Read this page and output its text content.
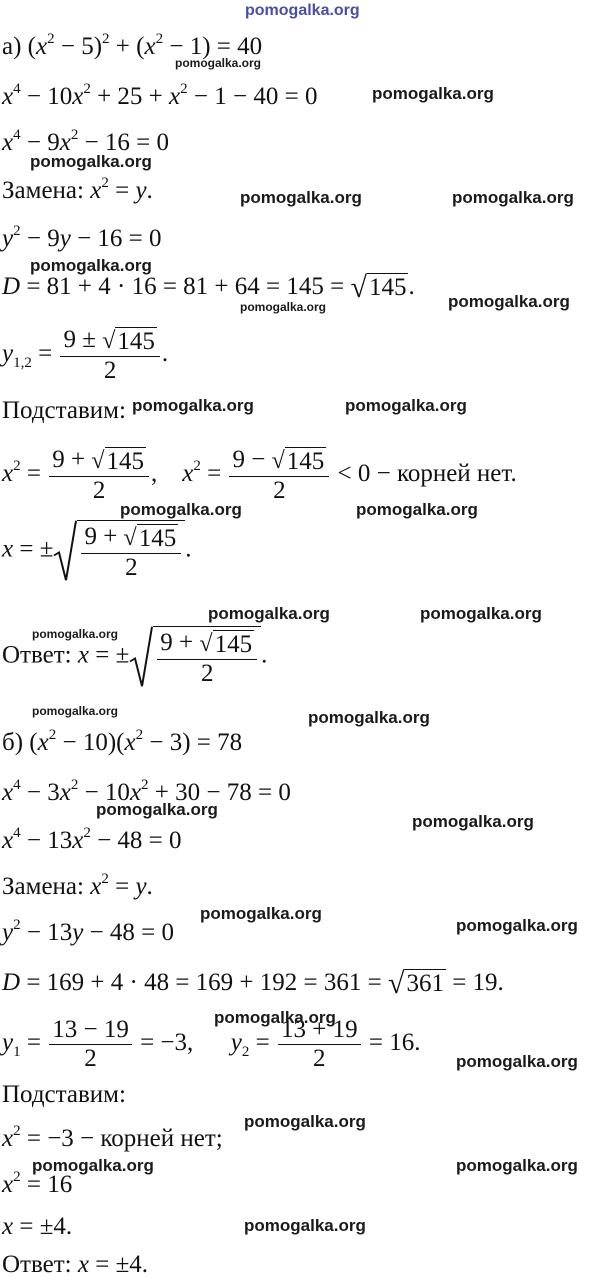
pomogalka.org
а) $(x^2 - 5)^2 + (x^2 - 1) = 40$
$x^4 - 10x^2 + 25 + x^2 - 1 - 40 = 0$
$x^4 - 9x^2 - 16 = 0$
Замена: $x^2 = y$.
$y^2 - 9y - 16 = 0$
D = 81 + 4 · 16 = 81 + 64 = 145 = √145.
$y_{1,2} = \frac{9 \pm √145}{2}$ .
Подставим:
$x^2 = \frac{9 + √145}{2}$ ,    $x^2 = \frac{9 - √145}{2} < 0$ − корней нет.
x = ± $\frac{9 + √145}{2}$ .
Ответ: x = ± $\frac{9 + √145}{2}$ .
б) $(x^2 - 10)(x^2 - 3) = 78$
$x^4 - 3x^2 - 10x^2 + 30 - 78 = 0$
$x^4 - 13x^2 - 48 = 0$
Замена: $x^2 = y$.
$y^2 - 13y - 48 = 0$
D = 169 + 4 · 48 = 169 + 192 = 361 = √361 = 19.
$y_1 = \frac{13 - 19}{2} = -3$,      $y_2 = \frac{13 + 19}{2} = 16$.
Подставим:
$x^2 = -3$ − корней нет;
$x^2 = 16$
x = ±4.
Ответ: x = ±4.
pomogalka.org
pomogalka.org
pomogalka.org
pomogalka.org	pomogalka.org
pomogalka.org
pomogalka.org	pomogalka.org
pomogalka.org	pomogalka.org
pomogalka.org	pomogalka.org
pomogalka.org	pomogalka.org
pomogalka.org
pomogalka.org	pomogalka.org
pomogalka.org
pomogalka.org
pomogalka.org
pomogalka.org
pomogalka.org
pomogalka.org
pomogalka.org
pomogalka.org	pomogalka.org
pomogalka.org
